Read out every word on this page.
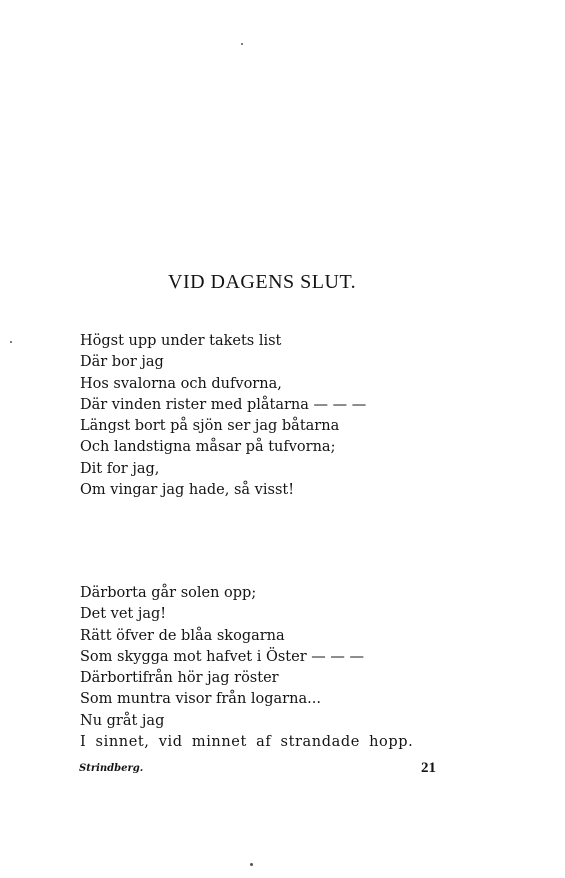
VID DAGENS SLUT.
Högst upp under takets list
Där bor jag
Hos svalorna och dufvorna,
Där vinden rister med plåtarna — — —
Längst bort på sjön ser jag båtarna
Och landstigna måsar på tufvorna;
Dit for jag,
Om vingar jag hade, så visst!
Därborta går solen opp;
Det vet jag!
Rätt öfver de blåa skogarna
Som skygga mot hafvet i Öster — — —
Därbortifrån hör jag röster
Som muntra visor från logarna...
Nu gråt jag
I sinnet, vid minnet af strandade hopp.
Strindberg.	21
